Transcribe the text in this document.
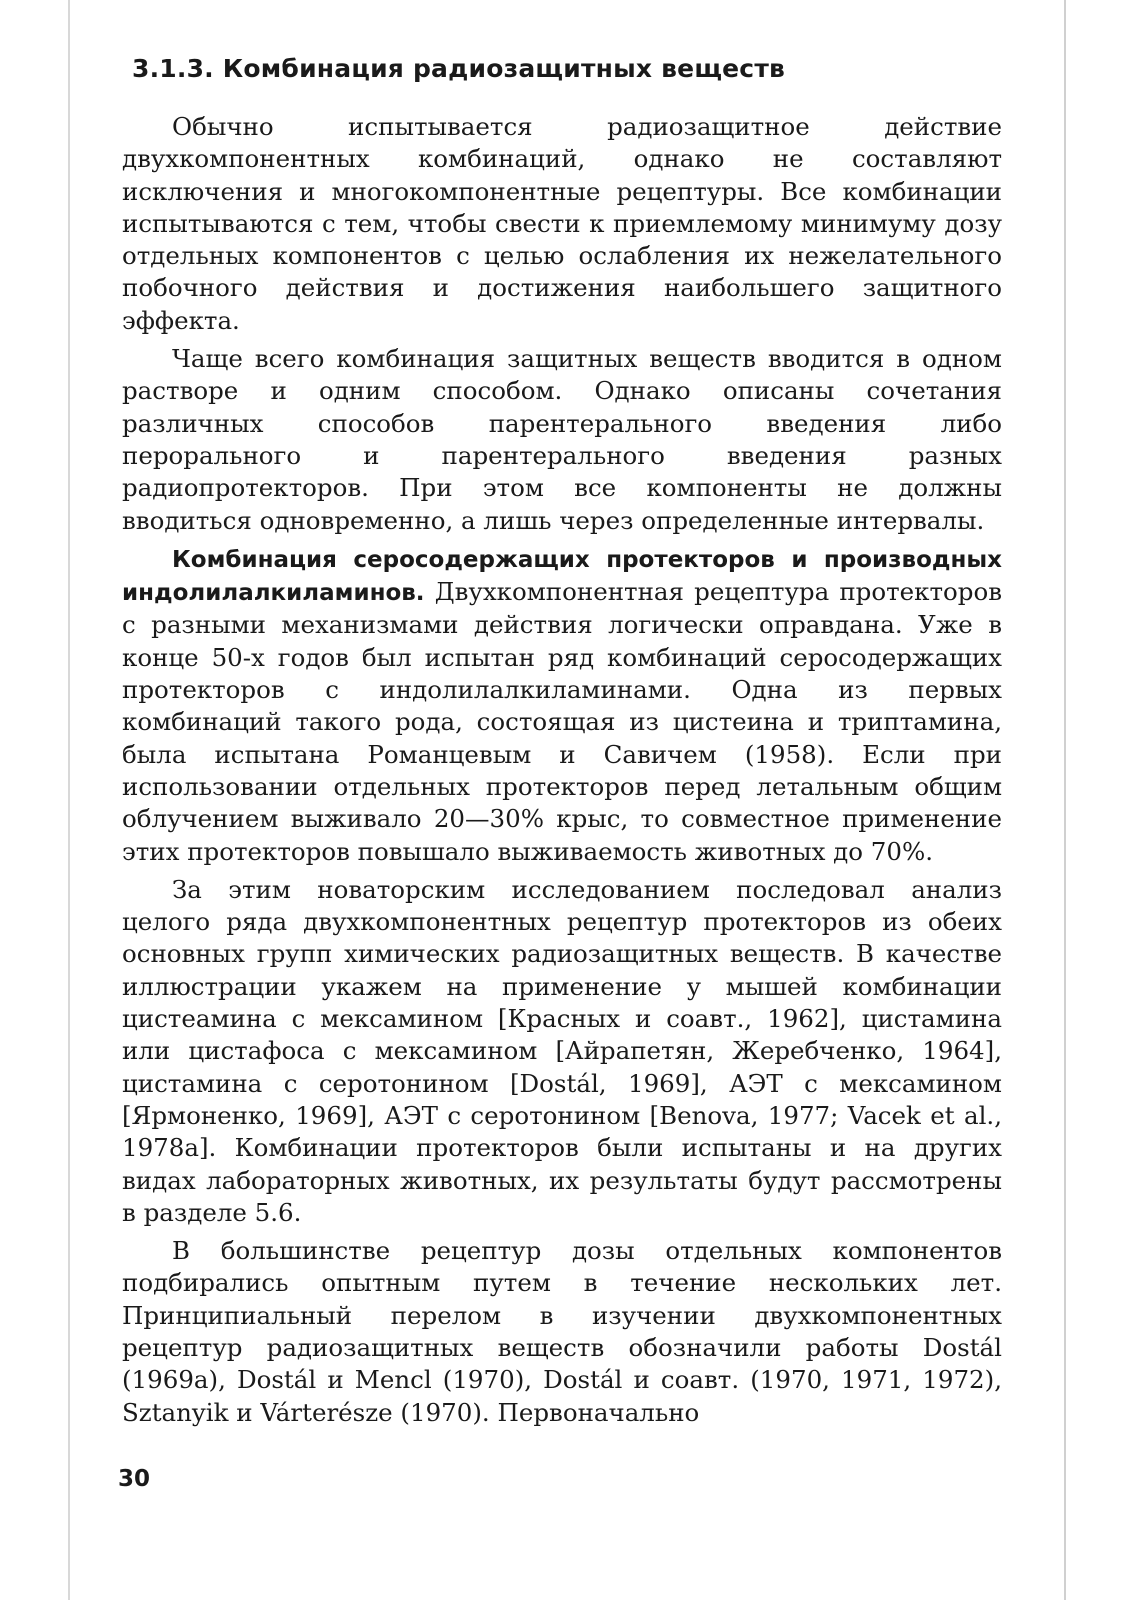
3.1.3. Комбинация радиозащитных веществ

Обычно испытывается радиозащитное действие двухкомпонентных комбинаций, однако не составляют исключения и многокомпонентные рецептуры. Все комбинации испытываются с тем, чтобы свести к приемлемому минимуму дозу отдельных компонентов с целью ослабления их нежелательного побочного действия и достижения наибольшего защитного эффекта.

Чаще всего комбинация защитных веществ вводится в одном растворе и одним способом. Однако описаны сочетания различных способов парентерального введения либо перорального и парентерального введения разных радиопротекторов. При этом все компоненты не должны вводиться одновременно, а лишь через определенные интервалы.

Комбинация серосодержащих протекторов и производных индолилалкиламинов. Двухкомпонентная рецептура протекторов с разными механизмами действия логически оправдана. Уже в конце 50-х годов был испытан ряд комбинаций серосодержащих протекторов с индолилалкиламинами. Одна из первых комбинаций такого рода, состоящая из цистеина и триптамина, была испытана Романцевым и Савичем (1958). Если при использовании отдельных протекторов перед летальным общим облучением выживало 20—30% крыс, то совместное применение этих протекторов повышало выживаемость животных до 70%.

За этим новаторским исследованием последовал анализ целого ряда двухкомпонентных рецептур протекторов из обеих основных групп химических радиозащитных веществ. В качестве иллюстрации укажем на применение у мышей комбинации цистеамина с мексамином [Красных и соавт., 1962], цистамина или цистафоса с мексамином [Айрапетян, Жеребченко, 1964], цистамина с серотонином [Dostál, 1969], АЭТ с мексамином [Ярмоненко, 1969], АЭТ с серотонином [Benova, 1977; Vacek et al., 1978a]. Комбинации протекторов были испытаны и на других видах лабораторных животных, их результаты будут рассмотрены в разделе 5.6.

В большинстве рецептур дозы отдельных компонентов подбирались опытным путем в течение нескольких лет. Принципиальный перелом в изучении двухкомпонентных рецептур радиозащитных веществ обозначили работы Dostál (1969a), Dostál и Mencl (1970), Dostál и соавт. (1970, 1971, 1972), Sztanyik и Várterésze (1970). Первоначально

30
